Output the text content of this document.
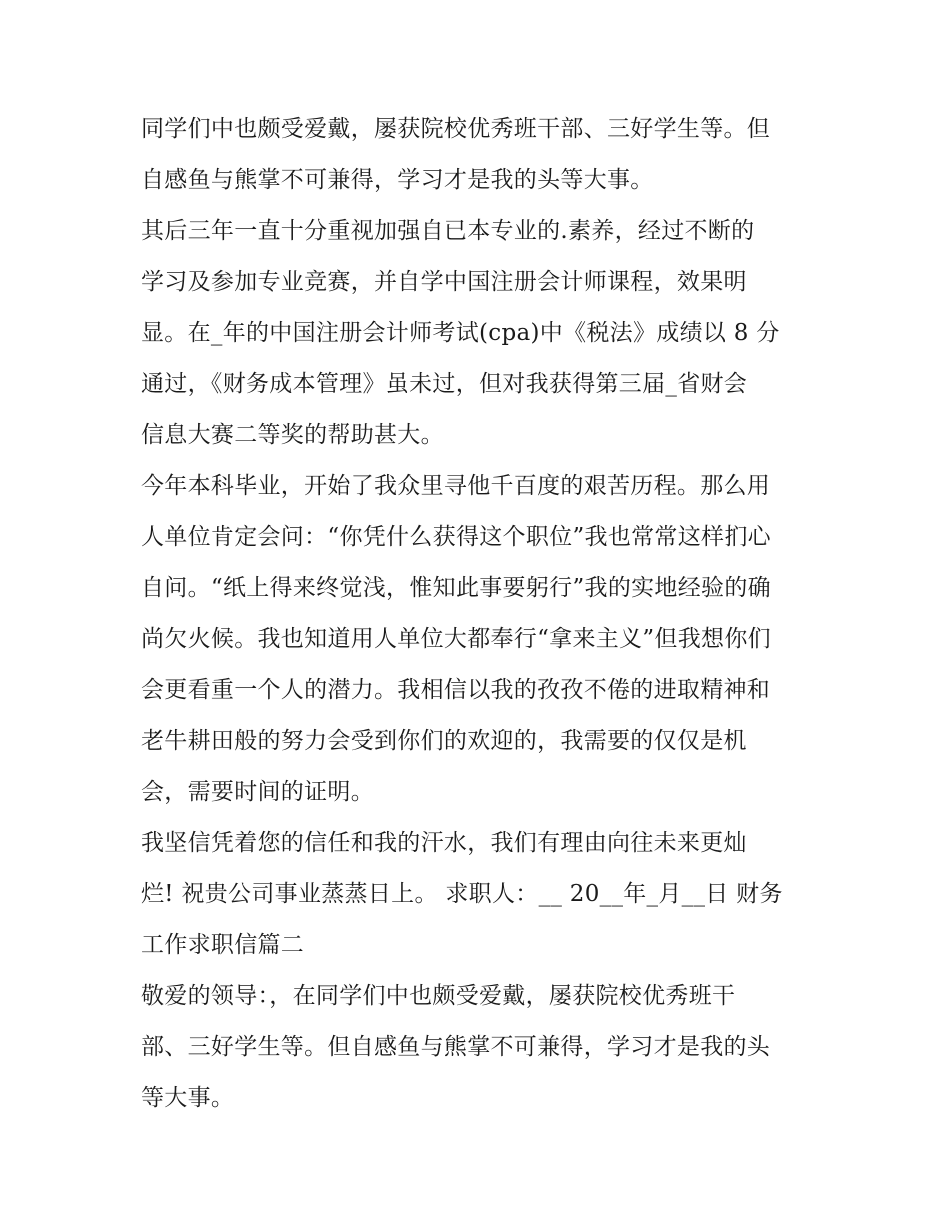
同学们中也颇受爱戴，屡获院校优秀班干部、三好学生等。但
自感鱼与熊掌不可兼得，学习才是我的头等大事。
其后三年一直十分重视加强自已本专业的.素养，经过不断的
学习及参加专业竞赛，并自学中国注册会计师课程，效果明
显。在_年的中国注册会计师考试(cpa)中《税法》成绩以 8 分
通过，《财务成本管理》虽未过，但对我获得第三届_省财会
信息大赛二等奖的帮助甚大。
今年本科毕业，开始了我众里寻他千百度的艰苦历程。那么用
人单位肯定会问：“你凭什么获得这个职位”我也常常这样扪心
自问。“纸上得来终觉浅，惟知此事要躬行”我的实地经验的确
尚欠火候。我也知道用人单位大都奉行“拿来主义”但我想你们
会更看重一个人的潜力。我相信以我的孜孜不倦的进取精神和
老牛耕田般的努力会受到你们的欢迎的，我需要的仅仅是机
会，需要时间的证明。
我坚信凭着您的信任和我的汗水，我们有理由向往未来更灿
烂! 祝贵公司事业蒸蒸日上。 求职人：__ 20__年_月__日 财务
工作求职信篇二
敬爱的领导：，在同学们中也颇受爱戴，屡获院校优秀班干
部、三好学生等。但自感鱼与熊掌不可兼得，学习才是我的头
等大事。
